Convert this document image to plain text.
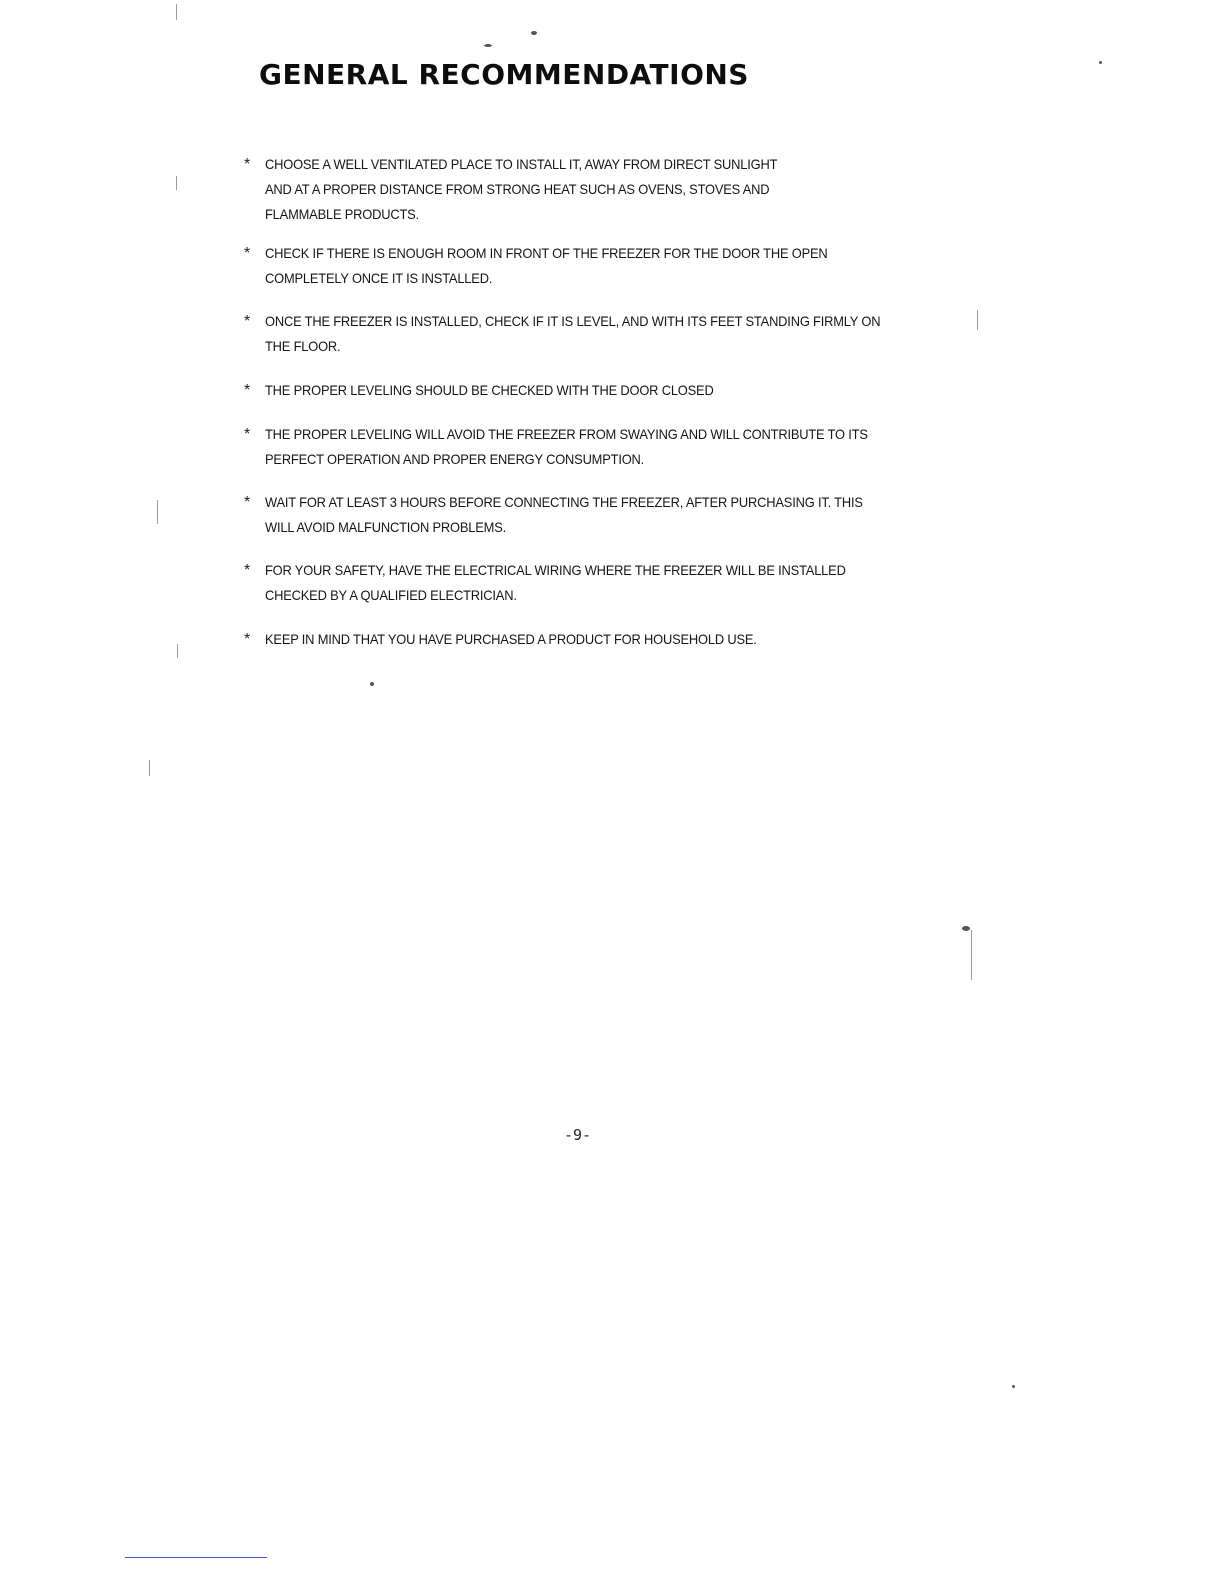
GENERAL RECOMMENDATIONS
*	CHOOSE A WELL VENTILATED PLACE TO INSTALL IT, AWAY FROM DIRECT SUNLIGHT AND AT A PROPER DISTANCE FROM STRONG HEAT SUCH AS OVENS, STOVES AND FLAMMABLE PRODUCTS.
*	CHECK IF THERE IS ENOUGH ROOM IN FRONT OF THE FREEZER FOR THE DOOR THE OPEN COMPLETELY ONCE IT IS INSTALLED.
*	ONCE THE FREEZER IS INSTALLED, CHECK IF IT IS LEVEL, AND WITH ITS FEET STANDING FIRMLY ON THE FLOOR.
*	THE PROPER LEVELING SHOULD BE CHECKED WITH THE DOOR CLOSED
*	THE PROPER LEVELING WILL AVOID THE FREEZER FROM SWAYING AND WILL CONTRIBUTE TO ITS PERFECT OPERATION AND PROPER ENERGY CONSUMPTION.
*	WAIT FOR AT LEAST 3 HOURS BEFORE CONNECTING THE FREEZER, AFTER PURCHASING IT. THIS WILL AVOID MALFUNCTION PROBLEMS.
*	FOR YOUR SAFETY, HAVE THE ELECTRICAL WIRING WHERE THE FREEZER WILL BE INSTALLED CHECKED BY A QUALIFIED ELECTRICIAN.
*	KEEP IN MIND THAT YOU HAVE PURCHASED A PRODUCT FOR HOUSEHOLD USE.
-9-
